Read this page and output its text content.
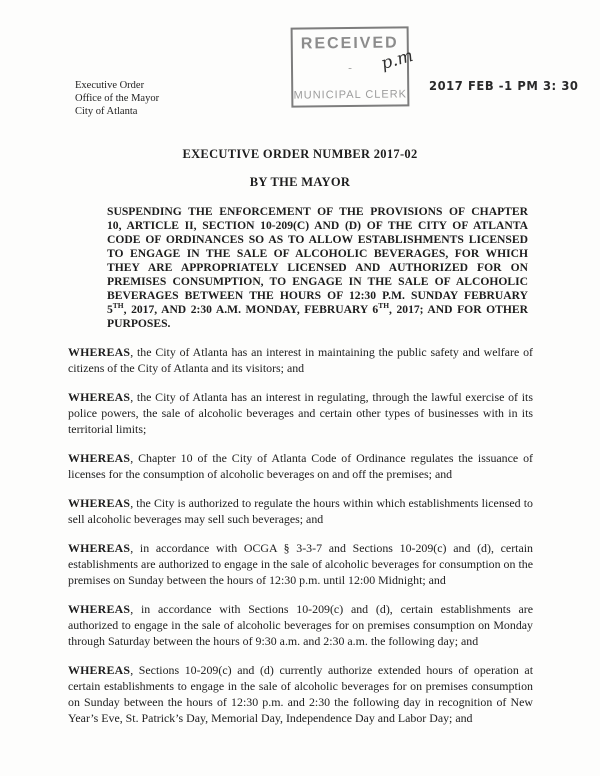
Executive Order
Office of the Mayor
City of Atlanta
RECEIVED
-
MUNICIPAL CLERK
p.m
2017 FEB -1 PM 3: 30
EXECUTIVE ORDER NUMBER 2017-02
BY THE MAYOR

SUSPENDING THE ENFORCEMENT OF THE PROVISIONS OF CHAPTER 10, ARTICLE II, SECTION 10-209(C) AND (D) OF THE CITY OF ATLANTA CODE OF ORDINANCES SO AS TO ALLOW ESTABLISHMENTS LICENSED TO ENGAGE IN THE SALE OF ALCOHOLIC BEVERAGES, FOR WHICH THEY ARE APPROPRIATELY LICENSED AND AUTHORIZED FOR ON PREMISES CONSUMPTION, TO ENGAGE IN THE SALE OF ALCOHOLIC BEVERAGES BETWEEN THE HOURS OF 12:30 P.M. SUNDAY FEBRUARY 5TH, 2017, AND 2:30 A.M. MONDAY, FEBRUARY 6TH, 2017; AND FOR OTHER PURPOSES.

WHEREAS, the City of Atlanta has an interest in maintaining the public safety and welfare of citizens of the City of Atlanta and its visitors; and

WHEREAS, the City of Atlanta has an interest in regulating, through the lawful exercise of its police powers, the sale of alcoholic beverages and certain other types of businesses with in its territorial limits;

WHEREAS, Chapter 10 of the City of Atlanta Code of Ordinance regulates the issuance of licenses for the consumption of alcoholic beverages on and off the premises; and

WHEREAS, the City is authorized to regulate the hours within which establishments licensed to sell alcoholic beverages may sell such beverages; and

WHEREAS, in accordance with OCGA § 3-3-7 and Sections 10-209(c) and (d), certain establishments are authorized to engage in the sale of alcoholic beverages for consumption on the premises on Sunday between the hours of 12:30 p.m. until 12:00 Midnight; and

WHEREAS, in accordance with Sections 10-209(c) and (d), certain establishments are authorized to engage in the sale of alcoholic beverages for on premises consumption on Monday through Saturday between the hours of 9:30 a.m. and 2:30 a.m. the following day; and

WHEREAS, Sections 10-209(c) and (d) currently authorize extended hours of operation at certain establishments to engage in the sale of alcoholic beverages for on premises consumption on Sunday between the hours of 12:30 p.m. and 2:30 the following day in recognition of New Year’s Eve, St. Patrick’s Day, Memorial Day, Independence Day and Labor Day; and
